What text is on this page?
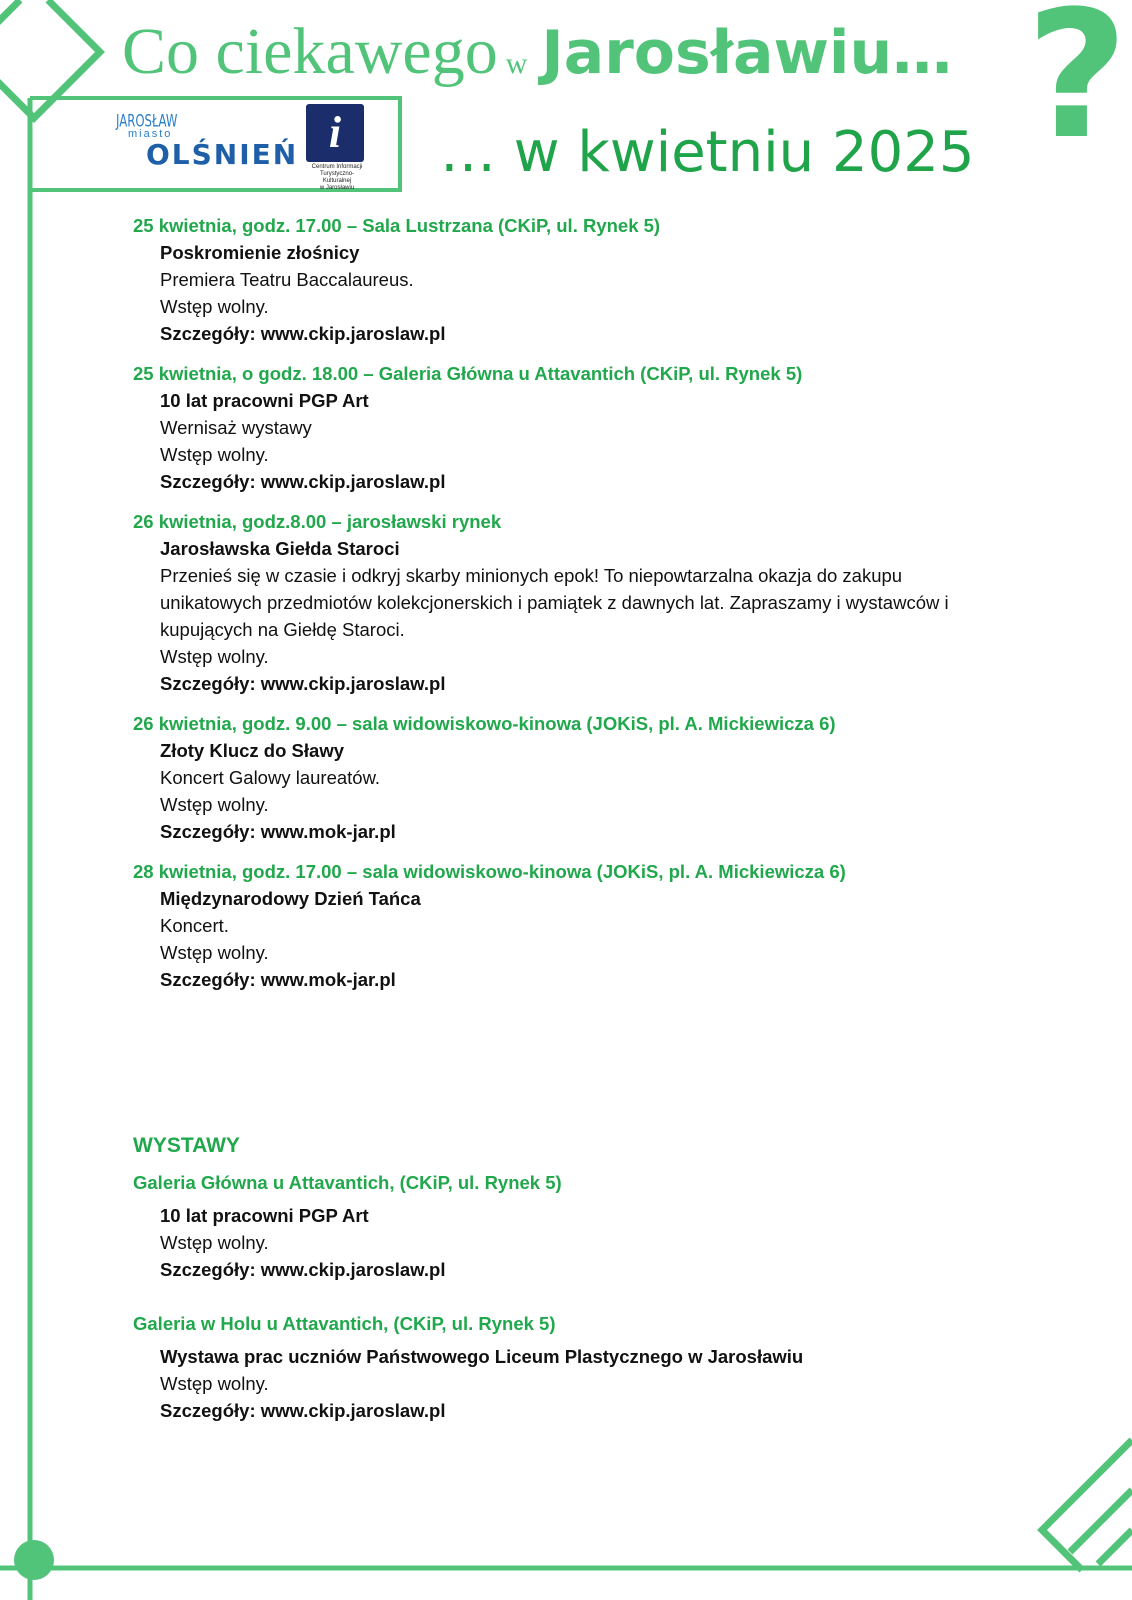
Co ciekawego w Jarosławiu… ?
… w kwietniu 2025
JAROSŁAW
miasto
OLŚNIEŃ i
Centrum Informacji
Turystyczno-Kulturalnej
w Jarosławiu
25 kwietnia, godz. 17.00 – Sala Lustrzana (CKiP, ul. Rynek 5)
Poskromienie złośnicy
Premiera Teatru Baccalaureus.
Wstęp wolny.
Szczegóły: www.ckip.jaroslaw.pl
25 kwietnia, o godz. 18.00 – Galeria Główna u Attavantich (CKiP, ul. Rynek 5)
10 lat pracowni PGP Art
Wernisaż wystawy
Wstęp wolny.
Szczegóły: www.ckip.jaroslaw.pl
26 kwietnia, godz.8.00 – jarosławski rynek
Jarosławska Giełda Staroci
Przenieś się w czasie i odkryj skarby minionych epok! To niepowtarzalna okazja do zakupu unikatowych przedmiotów kolekcjonerskich i pamiątek z dawnych lat. Zapraszamy i wystawców i kupujących na Giełdę Staroci.
Wstęp wolny.
Szczegóły: www.ckip.jaroslaw.pl
26 kwietnia, godz. 9.00 – sala widowiskowo-kinowa (JOKiS, pl. A. Mickiewicza 6)
Złoty Klucz do Sławy
Koncert Galowy laureatów.
Wstęp wolny.
Szczegóły: www.mok-jar.pl
28 kwietnia, godz. 17.00 – sala widowiskowo-kinowa (JOKiS, pl. A. Mickiewicza 6)
Międzynarodowy Dzień Tańca
Koncert.
Wstęp wolny.
Szczegóły: www.mok-jar.pl
WYSTAWY
Galeria Główna u Attavantich, (CKiP, ul. Rynek 5)
10 lat pracowni PGP Art
Wstęp wolny.
Szczegóły: www.ckip.jaroslaw.pl
Galeria w Holu u Attavantich, (CKiP, ul. Rynek 5)
Wystawa prac uczniów Państwowego Liceum Plastycznego w Jarosławiu
Wstęp wolny.
Szczegóły: www.ckip.jaroslaw.pl
